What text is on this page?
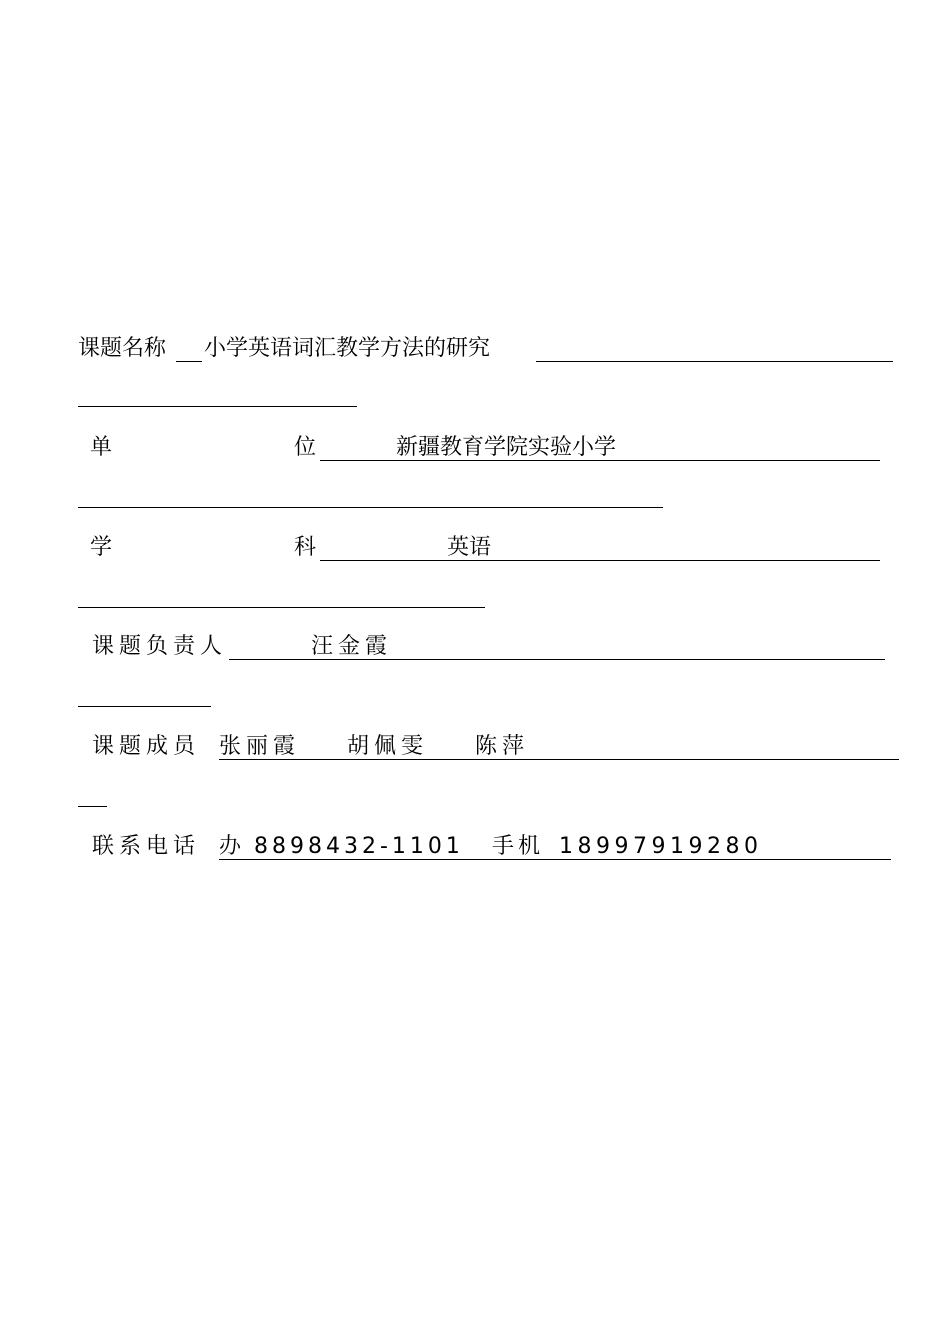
课题名称 小学英语词汇教学方法的研究
单	位	新疆教育学院实验小学
学	科	英语
课题负责人	汪金霞
课题成员 张丽霞 胡佩雯 陈萍
联系电话 办 8898432-1101 手机 18997919280
